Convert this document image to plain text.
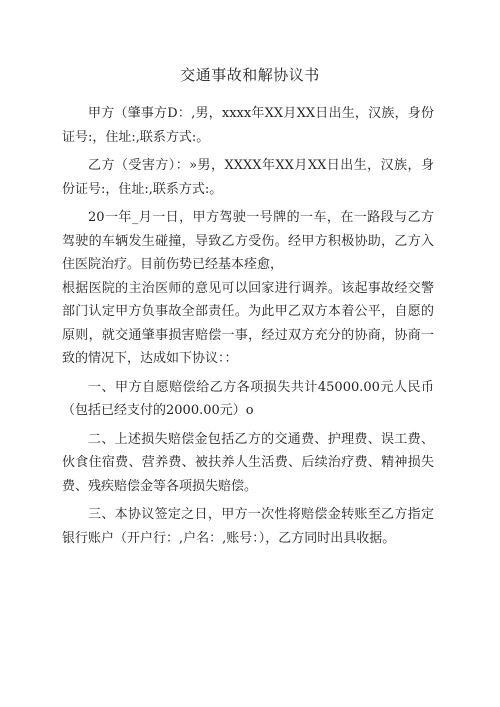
交通事故和解协议书

甲方（肇事方D：,男，xxxx年XX月XX日出生，汉族，身份证号:，住址:,联系方式:。

乙方（受害方）：»男，XXXX年XX月XX日出生，汉族，身份证号:，住址:,联系方式:。

20一年_月一日，甲方驾驶一号牌的一车，在一路段与乙方驾驶的车辆发生碰撞，导致乙方受伤。经甲方积极协助，乙方入住医院治疗。目前伤势已经基本痊愈，

根据医院的主治医师的意见可以回家进行调养。该起事故经交警部门认定甲方负事故全部责任。为此甲乙双方本着公平，自愿的原则，就交通肇事损害赔偿一事，经过双方充分的协商，协商一致的情况下，达成如下协议：：

一、甲方自愿赔偿给乙方各项损失共计45000.00元人民币（包括已经支付的2000.00元）o

二、上述损失赔偿金包括乙方的交通费、护理费、误工费、伙食住宿费、营养费、被扶养人生活费、后续治疗费、精神损失费、残疾赔偿金等各项损失赔偿。

三、本协议签定之日，甲方一次性将赔偿金转账至乙方指定银行账户（开户行：,户名：,账号：），乙方同时出具收据。
